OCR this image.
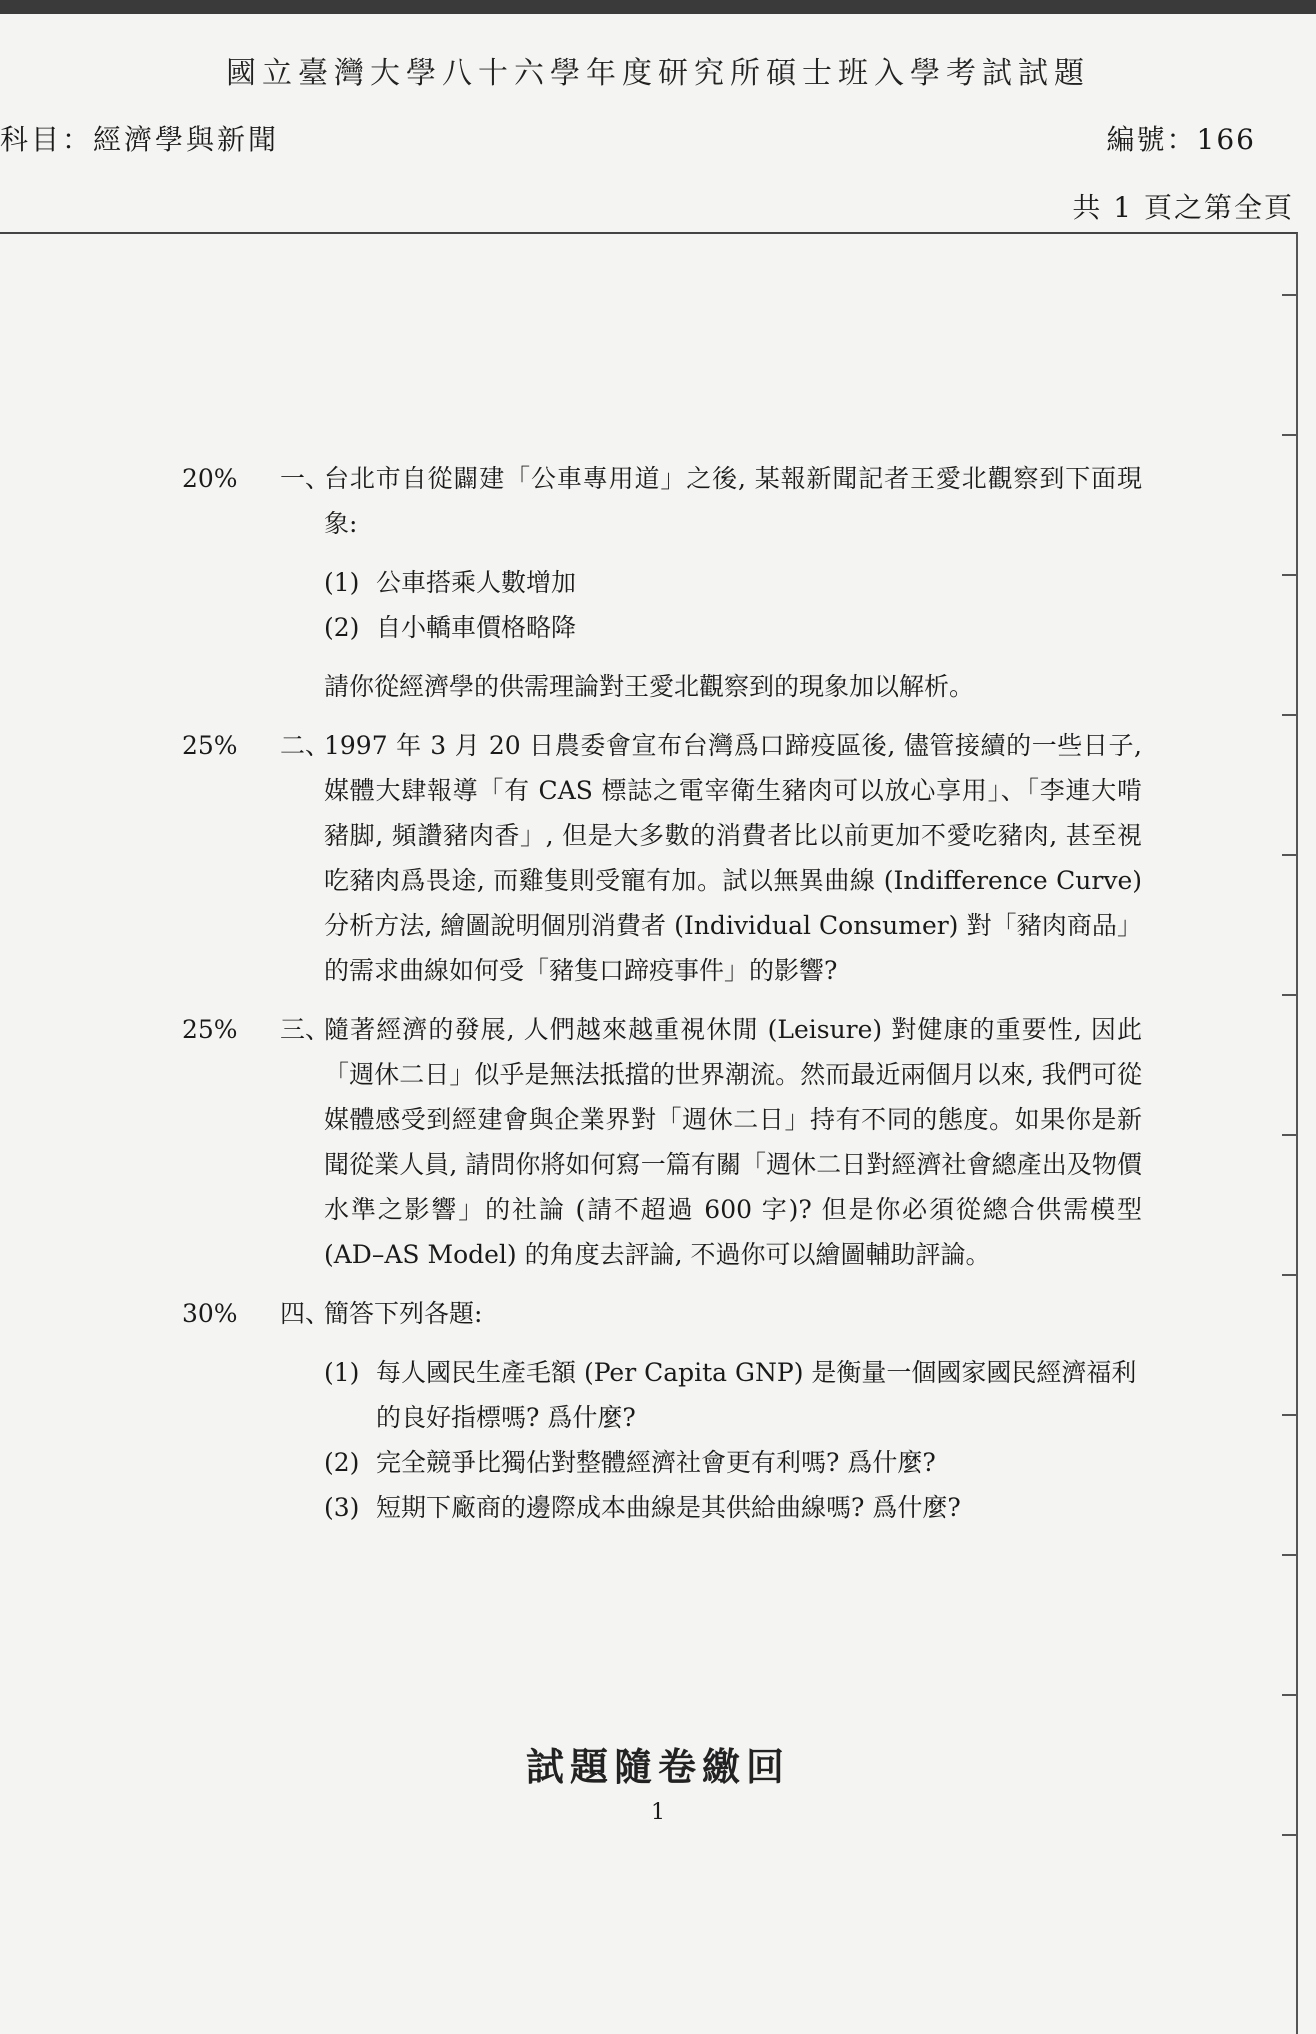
國立臺灣大學八十六學年度研究所碩士班入學考試試題
科目：經濟學與新聞	編號：166
共 1 頁之第全頁
20%	一、
台北市自從闢建「公車專用道」之後, 某報新聞記者王愛北觀察到下面現象:
(1) 公車搭乘人數增加
(2) 自小轎車價格略降
請你從經濟學的供需理論對王愛北觀察到的現象加以解析。
25%	二、
1997 年 3 月 20 日農委會宣布台灣爲口蹄疫區後, 儘管接續的一些日子, 媒體大肆報導「有 CAS 標誌之電宰衛生豬肉可以放心享用」、「李連大啃豬脚, 頻讚豬肉香」, 但是大多數的消費者比以前更加不愛吃豬肉, 甚至視吃豬肉爲畏途, 而雞隻則受寵有加。試以無異曲線 (Indifference Curve) 分析方法, 繪圖說明個別消費者 (Individual Consumer) 對「豬肉商品」的需求曲線如何受「豬隻口蹄疫事件」的影響?
25%	三、
隨著經濟的發展, 人們越來越重視休閒 (Leisure) 對健康的重要性, 因此「週休二日」似乎是無法抵擋的世界潮流。然而最近兩個月以來, 我們可從媒體感受到經建會與企業界對「週休二日」持有不同的態度。如果你是新聞從業人員, 請問你將如何寫一篇有關「週休二日對經濟社會總產出及物價水準之影響」的社論 (請不超過 600 字)? 但是你必須從總合供需模型 (AD–AS Model) 的角度去評論, 不過你可以繪圖輔助評論。
30%	四、
簡答下列各題:
(1) 每人國民生產毛額 (Per Capita GNP) 是衡量一個國家國民經濟福利的良好指標嗎? 爲什麼?
(2) 完全競爭比獨佔對整體經濟社會更有利嗎? 爲什麼?
(3) 短期下廠商的邊際成本曲線是其供給曲線嗎? 爲什麼?
試題隨卷繳回
1
